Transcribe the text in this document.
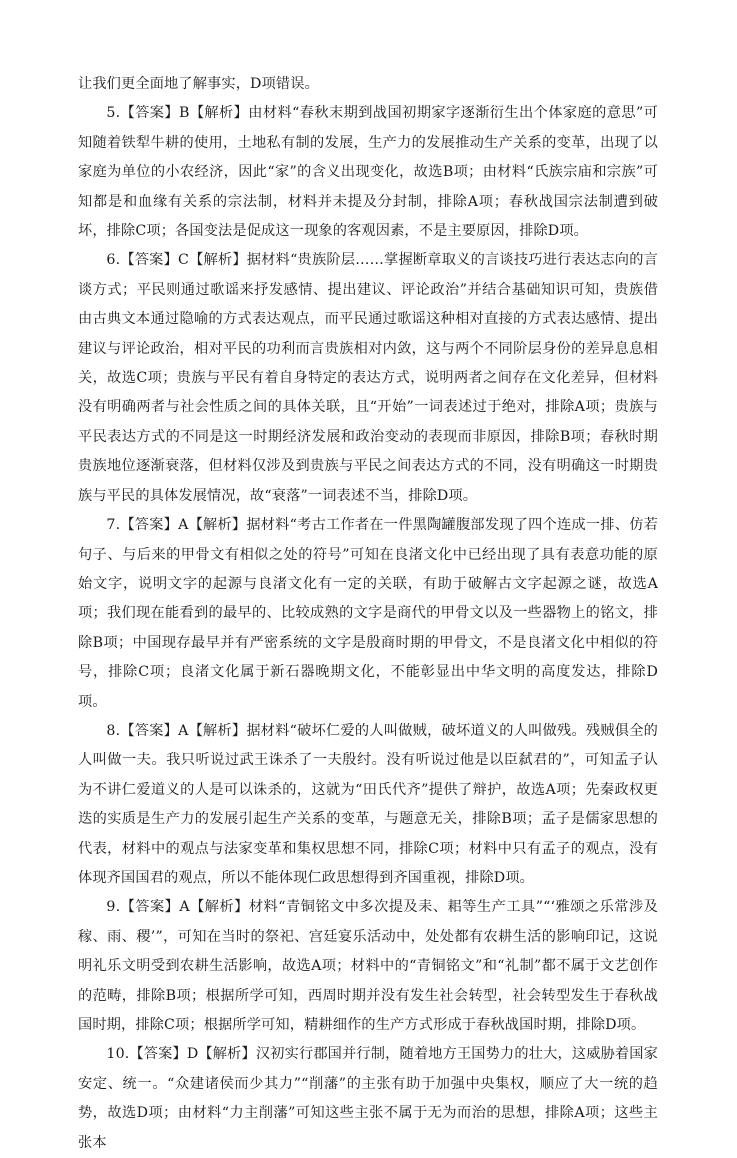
让我们更全面地了解事实，D项错误。

5.【答案】B【解析】由材料“春秋末期到战国初期家字逐渐衍生出个体家庭的意思”可知随着铁犁牛耕的使用，土地私有制的发展，生产力的发展推动生产关系的变革，出现了以家庭为单位的小农经济，因此“家”的含义出现变化，故选B项；由材料“氏族宗庙和宗族”可知都是和血缘有关系的宗法制，材料并未提及分封制，排除A项；春秋战国宗法制遭到破坏，排除C项；各国变法是促成这一现象的客观因素，不是主要原因，排除D项。

6.【答案】C【解析】据材料“贵族阶层……掌握断章取义的言谈技巧进行表达志向的言谈方式；平民则通过歌谣来抒发感情、提出建议、评论政治”并结合基础知识可知，贵族借由古典文本通过隐喻的方式表达观点，而平民通过歌谣这种相对直接的方式表达感情、提出建议与评论政治，相对平民的功利而言贵族相对内敛，这与两个不同阶层身份的差异息息相关，故选C项；贵族与平民有着自身特定的表达方式，说明两者之间存在文化差异，但材料没有明确两者与社会性质之间的具体关联，且“开始”一词表述过于绝对，排除A项；贵族与平民表达方式的不同是这一时期经济发展和政治变动的表现而非原因，排除B项；春秋时期贵族地位逐渐衰落，但材料仅涉及到贵族与平民之间表达方式的不同，没有明确这一时期贵族与平民的具体发展情况，故“衰落”一词表述不当，排除D项。

7.【答案】A【解析】据材料“考古工作者在一件黑陶罐腹部发现了四个连成一排、仿若句子、与后来的甲骨文有相似之处的符号”可知在良渚文化中已经出现了具有表意功能的原始文字，说明文字的起源与良渚文化有一定的关联，有助于破解古文字起源之谜，故选A项；我们现在能看到的最早的、比较成熟的文字是商代的甲骨文以及一些器物上的铭文，排除B项；中国现存最早并有严密系统的文字是殷商时期的甲骨文，不是良渚文化中相似的符号，排除C项；良渚文化属于新石器晚期文化，不能彰显出中华文明的高度发达，排除D项。

8.【答案】A【解析】据材料“破坏仁爱的人叫做贼，破坏道义的人叫做残。残贼俱全的人叫做一夫。我只听说过武王诛杀了一夫殷纣。没有听说过他是以臣弑君的”，可知孟子认为不讲仁爱道义的人是可以诛杀的，这就为“田氏代齐”提供了辩护，故选A项；先秦政权更迭的实质是生产力的发展引起生产关系的变革，与题意无关，排除B项；孟子是儒家思想的代表，材料中的观点与法家变革和集权思想不同，排除C项；材料中只有孟子的观点，没有体现齐国国君的观点，所以不能体现仁政思想得到齐国重视，排除D项。

9.【答案】A【解析】材料“青铜铭文中多次提及耒、耜等生产工具”“‘雅颂之乐常涉及稼、雨、稷’”，可知在当时的祭祀、宫廷宴乐活动中，处处都有农耕生活的影响印记，这说明礼乐文明受到农耕生活影响，故选A项；材料中的“青铜铭文”和“礼制”都不属于文艺创作的范畴，排除B项；根据所学可知，西周时期并没有发生社会转型，社会转型发生于春秋战国时期，排除C项；根据所学可知，精耕细作的生产方式形成于春秋战国时期，排除D项。

10.【答案】D【解析】汉初实行郡国并行制，随着地方王国势力的壮大，这威胁着国家安定、统一。“众建诸侯而少其力”“削藩”的主张有助于加强中央集权，顺应了大一统的趋势，故选D项；由材料“力主削藩”可知这些主张不属于无为而治的思想，排除A项；这些主张本
